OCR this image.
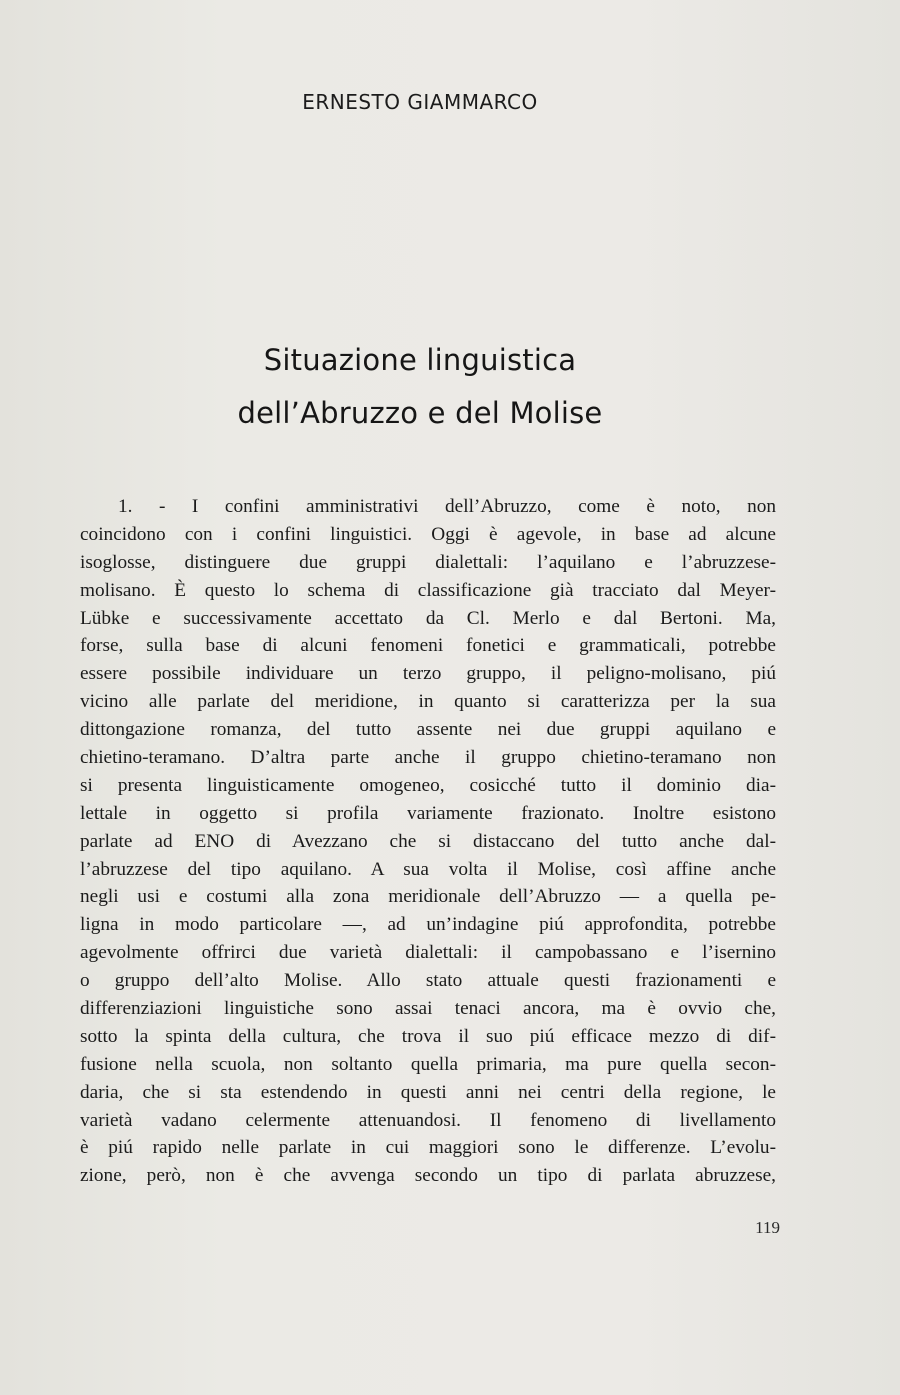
ERNESTO GIAMMARCO
Situazione linguistica
dell’Abruzzo e del Molise
1. - I confini amministrativi dell’Abruzzo, come è noto, non
coincidono con i confini linguistici. Oggi è agevole, in base ad alcune
isoglosse, distinguere due gruppi dialettali: l’aquilano e l’abruzzese-
molisano. È questo lo schema di classificazione già tracciato dal Meyer-
Lübke e successivamente accettato da Cl. Merlo e dal Bertoni. Ma,
forse, sulla base di alcuni fenomeni fonetici e grammaticali, potrebbe
essere possibile individuare un terzo gruppo, il peligno-molisano, piú
vicino alle parlate del meridione, in quanto si caratterizza per la sua
dittongazione romanza, del tutto assente nei due gruppi aquilano e
chietino-teramano. D’altra parte anche il gruppo chietino-teramano non
si presenta linguisticamente omogeneo, cosicché tutto il dominio dia-
lettale in oggetto si profila variamente frazionato. Inoltre esistono
parlate ad ENO di Avezzano che si distaccano del tutto anche dal-
l’abruzzese del tipo aquilano. A sua volta il Molise, così affine anche
negli usi e costumi alla zona meridionale dell’Abruzzo — a quella pe-
ligna in modo particolare —, ad un’indagine piú approfondita, potrebbe
agevolmente offrirci due varietà dialettali: il campobassano e l’isernino
o gruppo dell’alto Molise. Allo stato attuale questi frazionamenti e
differenziazioni linguistiche sono assai tenaci ancora, ma è ovvio che,
sotto la spinta della cultura, che trova il suo piú efficace mezzo di dif-
fusione nella scuola, non soltanto quella primaria, ma pure quella secon-
daria, che si sta estendendo in questi anni nei centri della regione, le
varietà vadano celermente attenuandosi. Il fenomeno di livellamento
è piú rapido nelle parlate in cui maggiori sono le differenze. L’evolu-
zione, però, non è che avvenga secondo un tipo di parlata abruzzese,
119
